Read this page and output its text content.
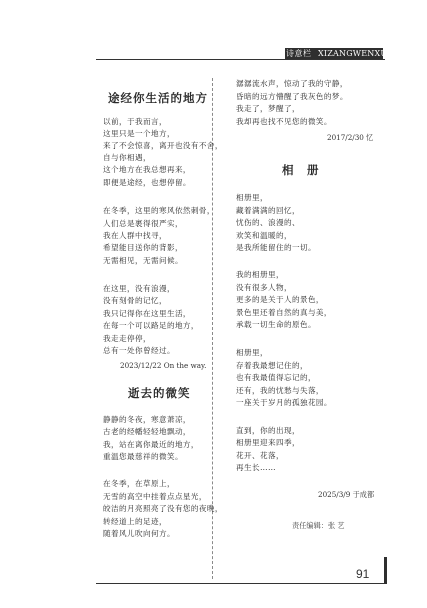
诗意栏 XIZANGWENXUE
途经你生活的地方
以前，于我而言，
这里只是一个地方，
来了不会惊喜，离开也没有不舍，
自与你相遇，
这个地方在我总想再来，
即便是途经，也想停留。
在冬季，这里的寒风依然刺骨，
人们总是裹得很严实，
我在人群中找寻，
希望能目送你的背影，
无需相见，无需问候。
在这里，没有浪漫，
没有刻骨的记忆，
我只记得你在这里生活，
在每一个可以路足的地方，
我走走停停，
总有一处你曾经过。
2023/12/22 On the way.
逝去的微笑
静静的冬夜，寒意萧凉，
古老的经幡轻轻地飘动，
我，站在离你最近的地方，
重温您最慈祥的微笑。
在冬季，在草原上，
无雪的高空中挂着点点星光，
皎洁的月亮照亮了没有您的夜晚，
转经道上的足迹，
随着风儿吹向何方。
潺潺流水声，惊动了我的守静，
昏暗的远方懵醒了我灰色的梦。
我走了，梦醒了，
我却再也找不见您的微笑。
2017/2/30 忆
相　册
相册里，
藏着满满的回忆，
忧伤的、浪漫的、
欢笑和温暖的，
是我所能留住的一切。
我的相册里，
没有很多人物，
更多的是关于人的景色，
景色里还着自然的真与美，
承载一切生命的原色。
相册里，
存着我最想记住的，
也有我最值得忘记的，
还有，我的忧愁与失落，
一座关于岁月的孤独花园。
直到，你的出现，
相册里迎来四季，
花开、花落，
再生长……
2025/3/9 于成都
责任编辑：张 艺
91
